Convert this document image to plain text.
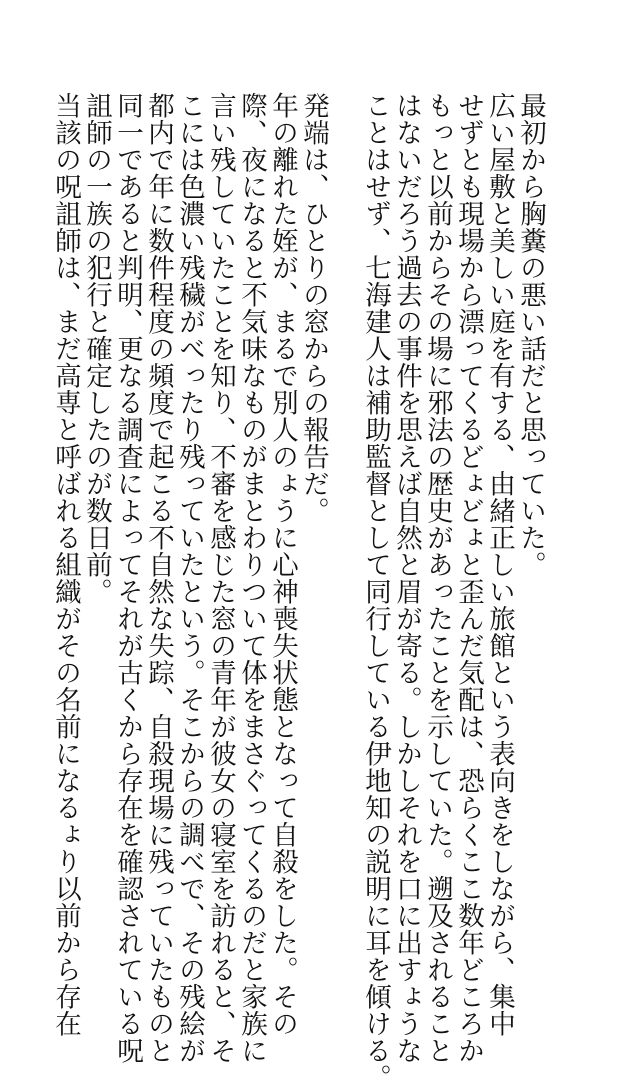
最初から胸糞の悪い話だと思っていた。
広い屋敷と美しい庭を有する、由緒正しい旅館という表向きをしながら、集中
せずとも現場から漂ってくるどょどょと歪んだ気配は、恐らくここ数年どころか
もっと以前からその場に邪法の歴史があったことを示していた。遡及されること
はないだろう過去の事件を思えば自然と眉が寄る。しかしそれを口に出すょうな
ことはせず、七海建人は補助監督として同行している伊地知の説明に耳を傾ける。
発端は、ひとりの窓からの報告だ。
年の離れた姪が、まるで別人のょうに心神喪失状態となって自殺をした。その
際、夜になると不気味なものがまとわりついて体をまさぐってくるのだと家族に
言い残していたことを知り、不審を感じた窓の青年が彼女の寝室を訪れると、そ
こには色濃い残穢がべったり残っていたという。そこからの調べで、その残絵が
都内で年に数件程度の頻度で起こる不自然な失踪、自殺現場に残っていたものと
同一であると判明、更なる調査によってそれが古くから存在を確認されている呪
詛師の一族の犯行と確定したのが数日前。
当該の呪詛師は、まだ高専と呼ばれる組織がその名前になるょり以前から存在
